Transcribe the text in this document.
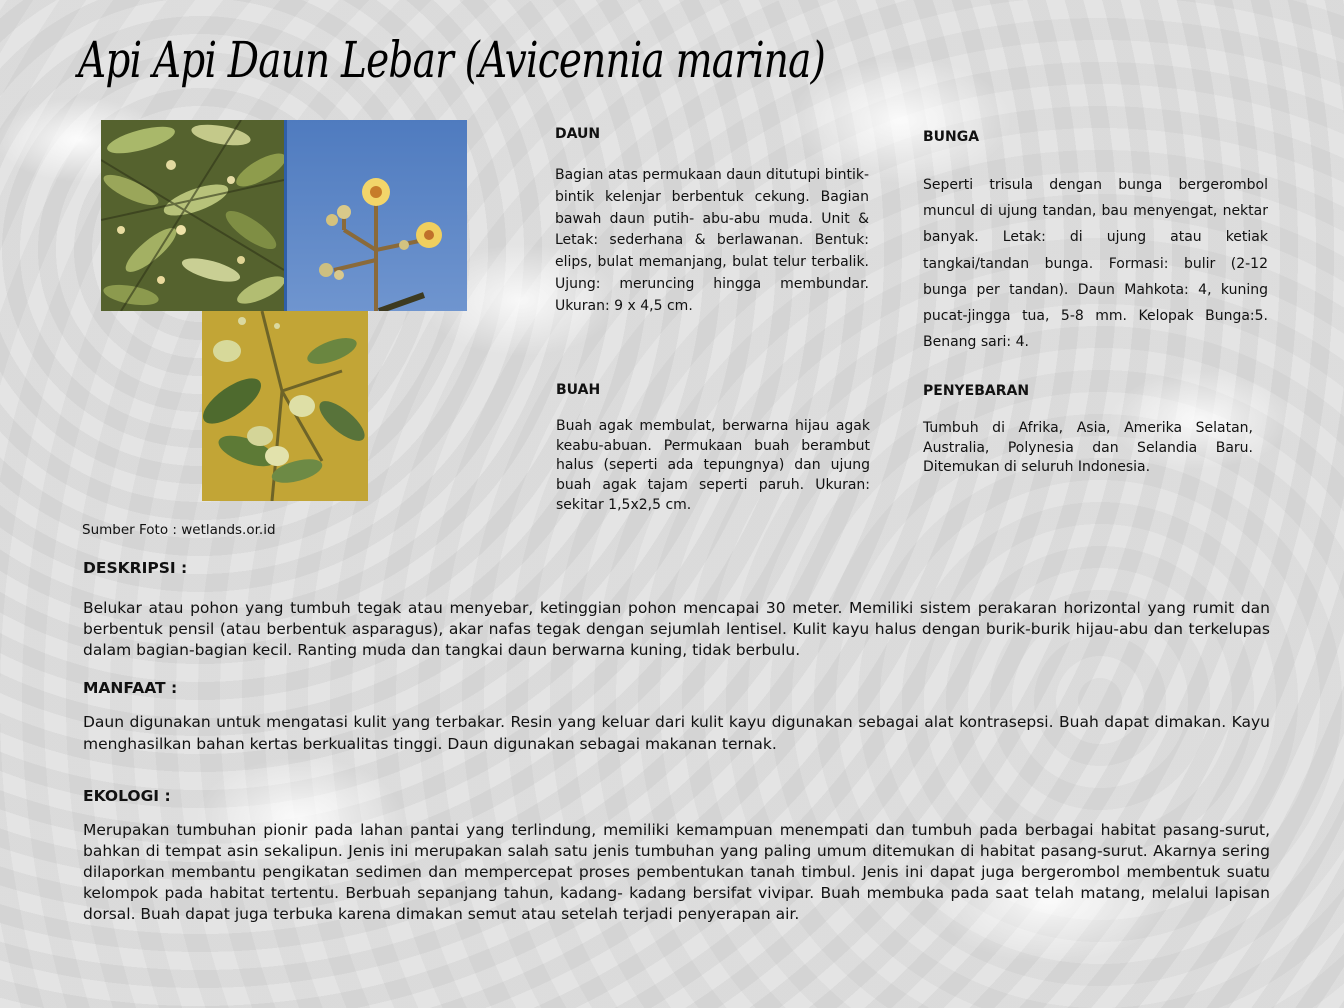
Api Api Daun Lebar (Avicennia marina)
Sumber Foto : wetlands.or.id
DAUN

Bagian atas permukaan daun ditutupi bintik-bintik kelenjar berbentuk cekung. Bagian bawah daun putih- abu-abu muda. Unit & Letak: sederhana & berlawanan. Bentuk: elips, bulat memanjang, bulat telur terbalik. Ujung: meruncing hingga membundar. Ukuran: 9 x 4,5 cm.

BUNGA

Seperti trisula dengan bunga bergerombol muncul di ujung tandan, bau menyengat, nektar banyak. Letak: di ujung atau ketiak tangkai/tandan bunga. Formasi: bulir (2-12 bunga per tandan). Daun Mahkota: 4, kuning pucat-jingga tua, 5-8 mm. Kelopak Bunga:5. Benang sari: 4.

BUAH

Buah agak membulat, berwarna hijau agak keabu-abuan. Permukaan buah berambut halus (seperti ada tepungnya) dan ujung buah agak tajam seperti paruh. Ukuran: sekitar 1,5x2,5 cm.

PENYEBARAN

Tumbuh di Afrika, Asia, Amerika Selatan, Australia, Polynesia dan Selandia Baru. Ditemukan di seluruh Indonesia.

DESKRIPSI :

Belukar atau pohon yang tumbuh tegak atau menyebar, ketinggian pohon mencapai 30 meter. Memiliki sistem perakaran horizontal yang rumit dan berbentuk pensil (atau berbentuk asparagus), akar nafas tegak dengan sejumlah lentisel. Kulit kayu halus dengan burik-burik hijau-abu dan terkelupas dalam bagian-bagian kecil. Ranting muda dan tangkai daun berwarna kuning, tidak berbulu.

MANFAAT :

Daun digunakan untuk mengatasi kulit yang terbakar. Resin yang keluar dari kulit kayu digunakan sebagai alat kontrasepsi. Buah dapat dimakan. Kayu menghasilkan bahan kertas berkualitas tinggi. Daun digunakan sebagai makanan ternak.

EKOLOGI :

Merupakan tumbuhan pionir pada lahan pantai yang terlindung, memiliki kemampuan menempati dan tumbuh pada berbagai habitat pasang-surut, bahkan di tempat asin sekalipun. Jenis ini merupakan salah satu jenis tumbuhan yang paling umum ditemukan di habitat pasang-surut. Akarnya sering dilaporkan membantu pengikatan sedimen dan mempercepat proses pembentukan tanah timbul. Jenis ini dapat juga bergerombol membentuk suatu kelompok pada habitat tertentu. Berbuah sepanjang tahun, kadang- kadang bersifat vivipar. Buah membuka pada saat telah matang, melalui lapisan dorsal. Buah dapat juga terbuka karena dimakan semut atau setelah terjadi penyerapan air.
